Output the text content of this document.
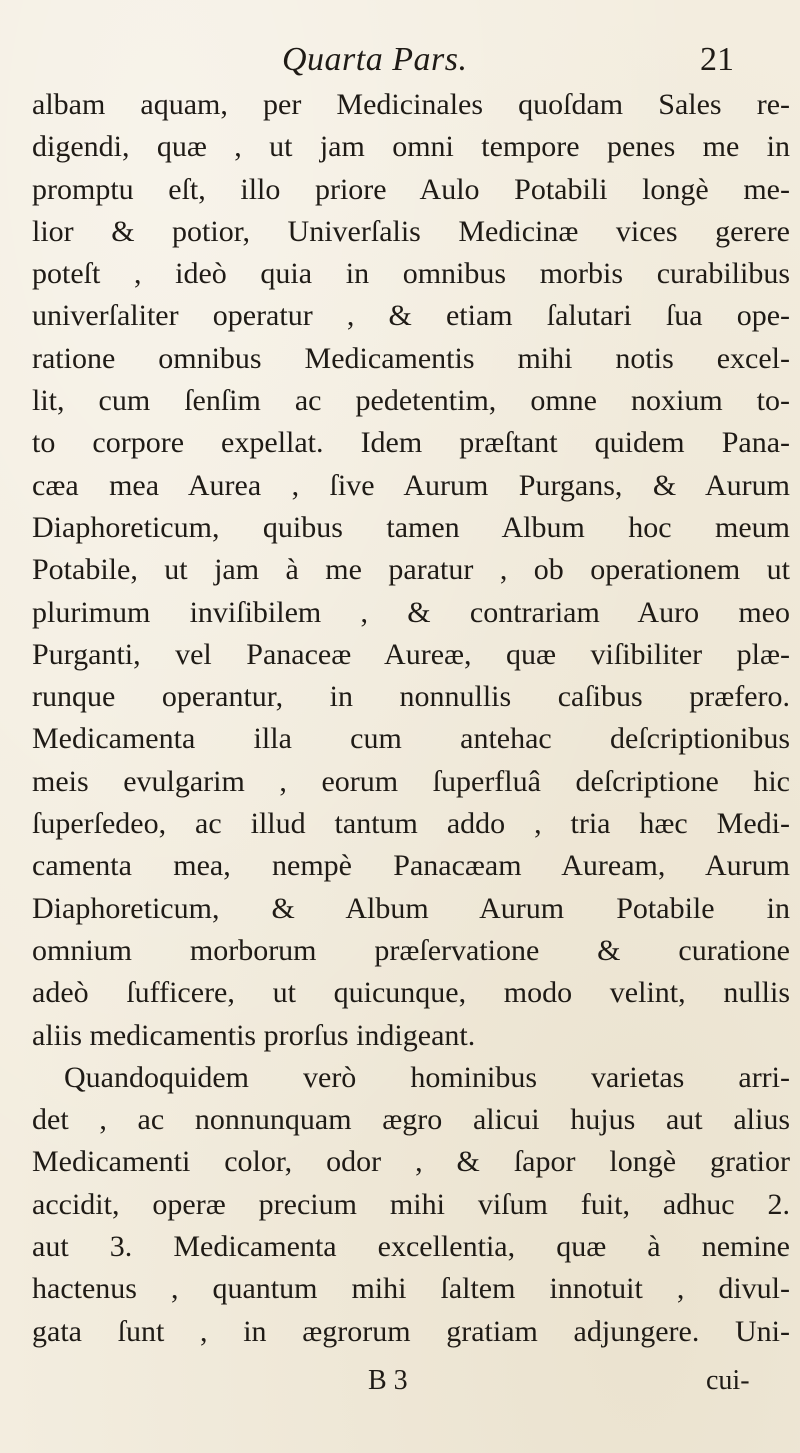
Quarta Pars.	21
albam aquam, per Medicinales quoſdam Sales re-
digendi, quæ , ut jam omni tempore penes me in
promptu eſt, illo priore Aulo Potabili longè me-
lior & potior, Univerſalis Medicinæ vices gerere
poteſt , ideò quia in omnibus morbis curabilibus
univerſaliter operatur , & etiam ſalutari ſua ope-
ratione omnibus Medicamentis mihi notis excel-
lit, cum ſenſim ac pedetentim, omne noxium to-
to corpore expellat. Idem præſtant quidem Pana-
cæa mea Aurea , ſive Aurum Purgans, & Aurum
Diaphoreticum, quibus tamen Album hoc meum
Potabile, ut jam à me paratur , ob operationem ut
plurimum inviſibilem , & contrariam Auro meo
Purganti, vel Panaceæ Aureæ, quæ viſibiliter plæ-
runque operantur, in nonnullis caſibus præfero.
Medicamenta illa cum antehac deſcriptionibus
meis evulgarim , eorum ſuperfluâ deſcriptione hic
ſuperſedeo, ac illud tantum addo , tria hæc Medi-
camenta mea, nempè Panacæam Auream, Aurum
Diaphoreticum, & Album Aurum Potabile in
omnium morborum præſervatione & curatione
adeò ſufficere, ut quicunque, modo velint, nullis
aliis medicamentis prorſus indigeant.
Quandoquidem verò hominibus varietas arri-
det , ac nonnunquam ægro alicui hujus aut alius
Medicamenti color, odor , & ſapor longè gratior
accidit, operæ precium mihi viſum fuit, adhuc 2.
aut 3. Medicamenta excellentia, quæ à nemine
hactenus , quantum mihi ſaltem innotuit , divul-
gata ſunt , in ægrorum gratiam adjungere. Uni-
B 3	cui-
